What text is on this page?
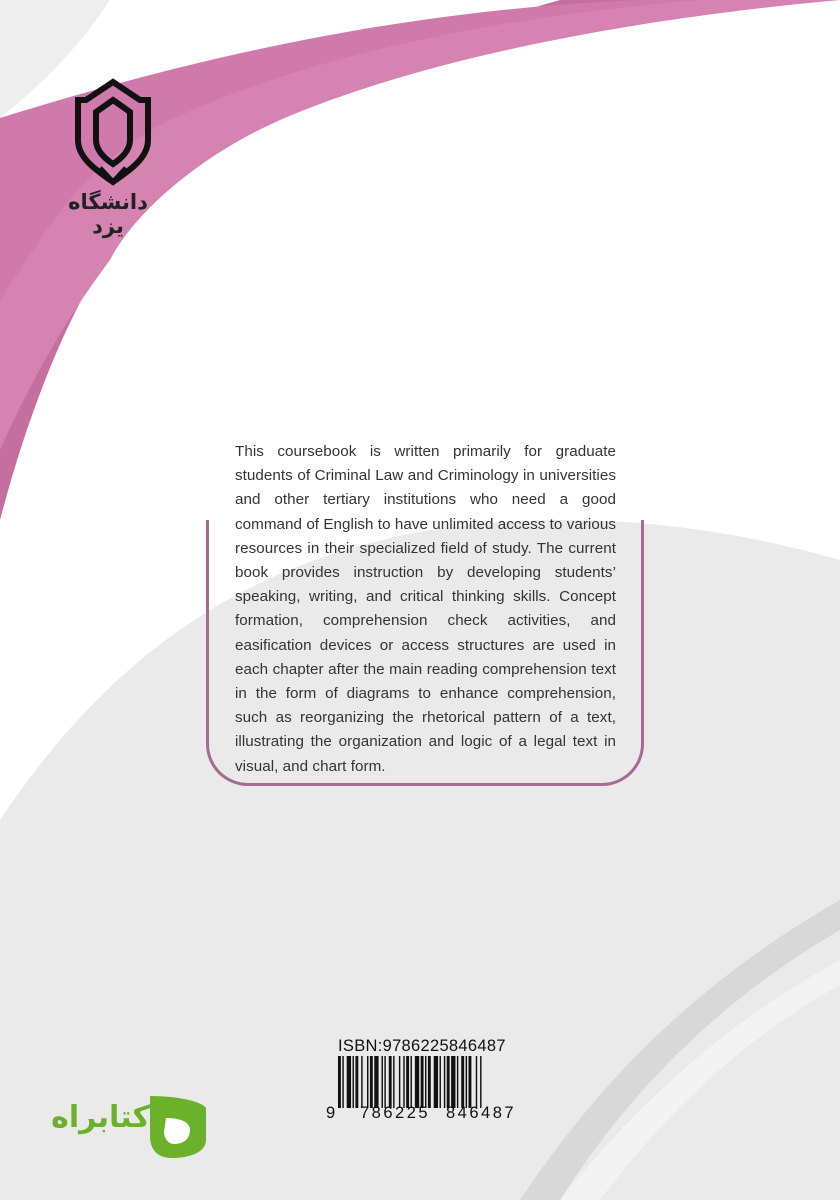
دانشگاه یزد
This coursebook is written primarily for graduate students of Criminal Law and Criminology in universities and other tertiary institutions who need a good command of English to have unlimited access to various resources in their specialized field of study. The current book provides instruction by developing students’ speaking, writing, and critical thinking skills. Concept formation, comprehension check activities, and easification devices or access structures are used in each chapter after the main reading comprehension text in the form of diagrams to enhance comprehension, such as reorganizing the rhetorical pattern of a text, illustrating the organization and logic of a legal text in visual, and chart form.
ISBN:9786225846487
9	786225 846487
کتابراه
